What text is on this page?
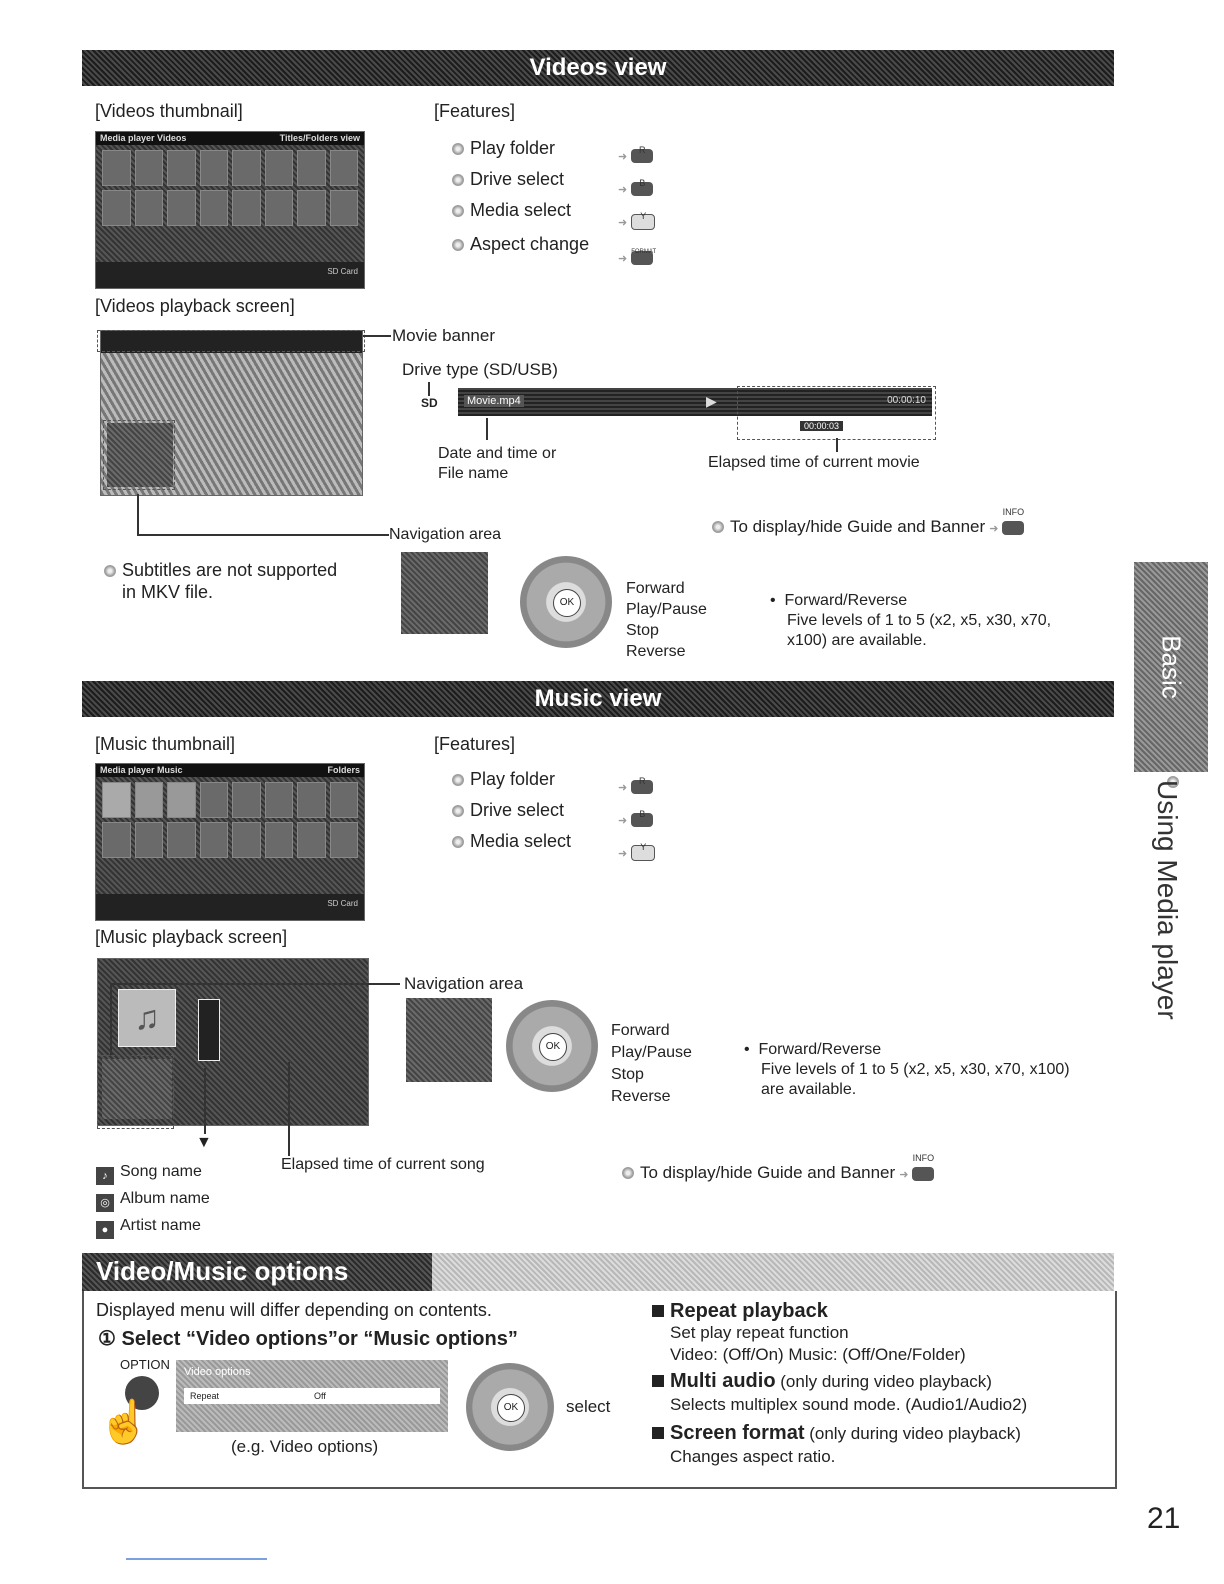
Videos view
[Videos thumbnail]
Media player Videos	Titles/Folders view
SD Card
[Videos playback screen]
Movie banner
Drive type (SD/USB)
SD	Movie.mp4	▶	00:00:10
00:00:03
Date and time or
File name
Elapsed time of current movie
Navigation area	To display/hide Guide and Banner ➜
INFO
Subtitles are not supported
in MKV file.
OK
Forward
Play/Pause
Stop
Reverse
•  Forward/Reverse
Five levels of 1 to 5 (x2, x5, x30, x70,
x100) are available.
[Features]
Play folder
Drive select
Media select
Aspect change
➜
R
➜
B
➜
Y
➜
FORMAT
Music view
[Music thumbnail]
Media player Music	Folders
SD Card
[Music playback screen]
♫
Navigation area
▼
Elapsed time of current song
♪ Song name
◎ Album name
● Artist name
OK
Forward
Play/Pause
Stop
Reverse
•  Forward/Reverse
Five levels of 1 to 5 (x2, x5, x30, x70, x100)
are available.
To display/hide Guide and Banner ➜
INFO
[Features]
Play folder
Drive select
Media select
➜
R
➜
B
➜
Y
Video/Music options
Displayed menu will differ depending on contents.
① Select “Video options”or “Music options”
OPTION
☝
Video options
Repeat	Off
(e.g. Video options)
OK	select
Repeat playback
Set play repeat function
Video: (Off/On) Music: (Off/One/Folder)
Multi audio (only during video playback)
Selects multiplex sound mode. (Audio1/Audio2)
Screen format (only during video playback)
Changes aspect ratio.
Basic
Using Media player
21
